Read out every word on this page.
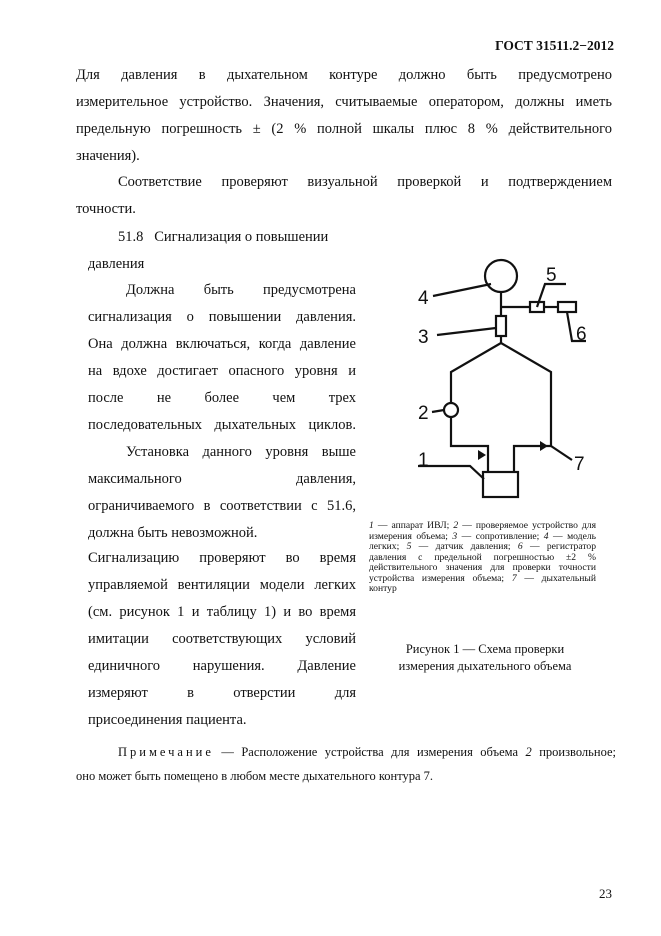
ГОСТ 31511.2−2012
Для давления в дыхательном контуре должно быть предусмотрено
измерительное устройство. Значения, считываемые оператором, должны иметь
предельную погрешность ± (2 % полной шкалы плюс 8 % действительного
значения).
Соответствие проверяют визуальной проверкой и подтверждением
точности.
51.8 Сигнализация о повышении
давления
Должна быть предусмотрена
сигнализация о повышении давления.
Она должна включаться, когда давление
на вдохе достигает опасного уровня и
после не более чем трех
последовательных дыхательных циклов.
Установка данного уровня выше
максимального давления,
ограничиваемого в соответствии с 51.6,
должна быть невозможной.
Сигнализацию проверяют во время
управляемой вентиляции модели легких
(см. рисунок 1 и таблицу 1) и во время
имитации соответствующих условий
единичного нарушения. Давление
измеряют в отверстии для
присоединения пациента.
4
3
2
1
5
6
7
1 — аппарат ИВЛ; 2 — проверяемое устройство для измерения объема; 3 — сопротивление; 4 — модель легких; 5 — датчик давления; 6 — регистратор давления с предельной погрешностью ±2 % действительного значения для проверки точности устройства измерения объема; 7 — дыхательный контур
Рисунок 1 — Схема проверки
измерения дыхательного объема
Примечание — Расположение устройства для измерения объема 2 произвольное;
оно может быть помещено в любом месте дыхательного контура 7.
23
